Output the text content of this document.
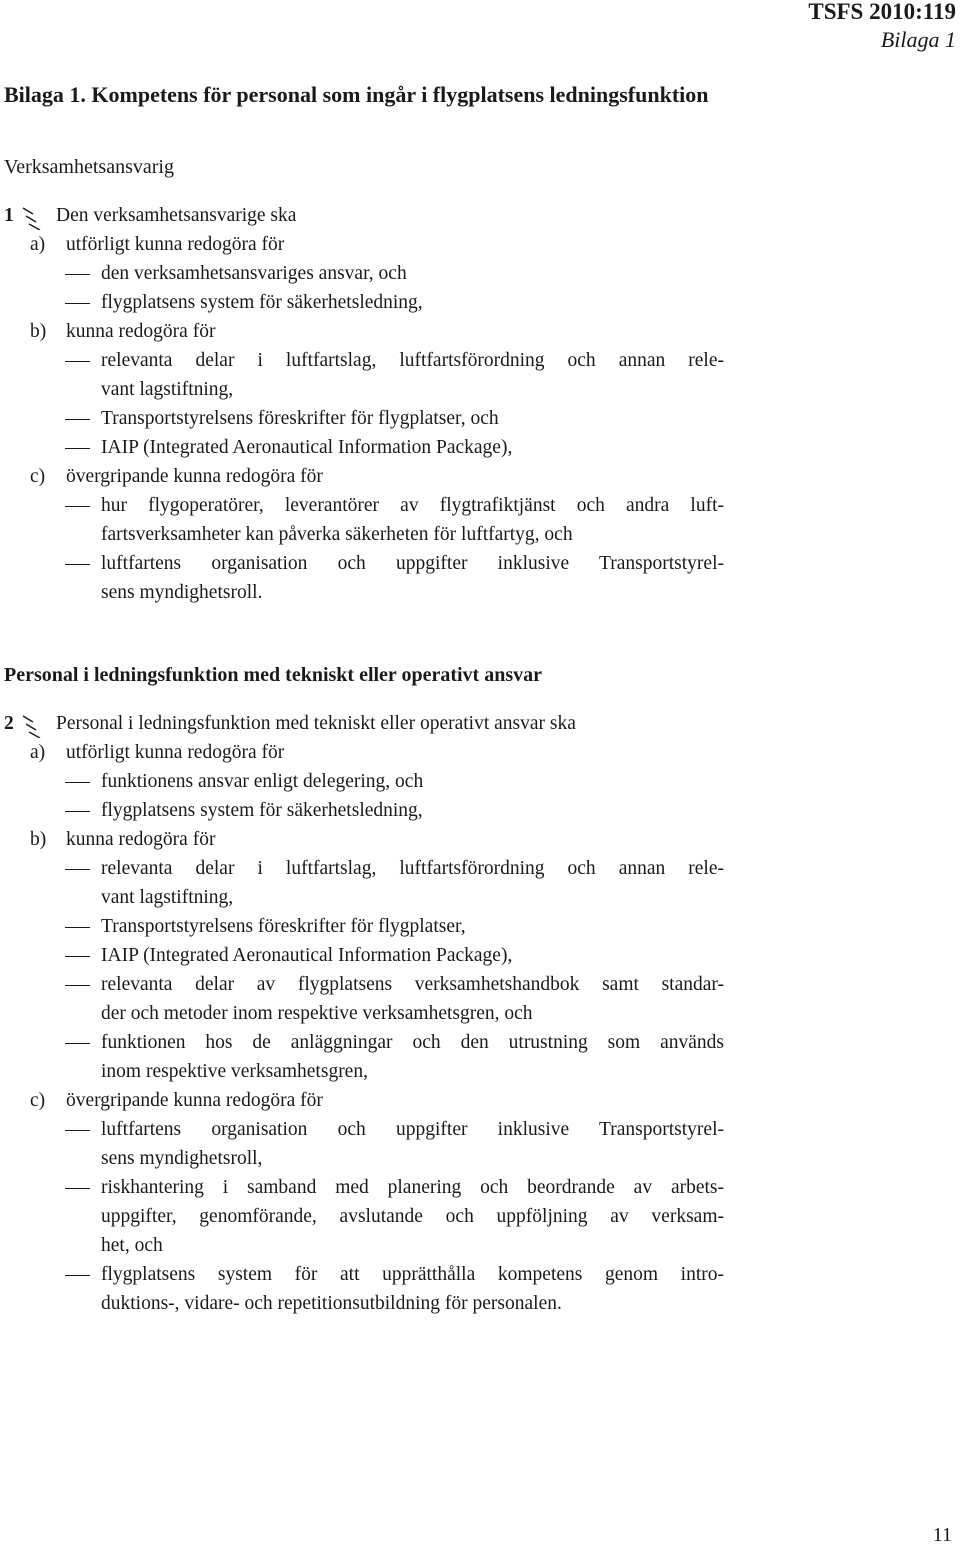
TSFS 2010:119
Bilaga 1
Bilaga 1. Kompetens för personal som ingår i flygplatsens ledningsfunktion
Verksamhetsansvarig
1 Den verksamhetsansvarige ska
a) utförligt kunna redogöra för
den verksamhetsansvariges ansvar, och
flygplatsens system för säkerhetsledning,
b) kunna redogöra för
relevanta delar i luftfartslag, luftfartsförordning och annan rele-
vant lagstiftning,
Transportstyrelsens föreskrifter för flygplatser, och
IAIP (Integrated Aeronautical Information Package),
c) övergripande kunna redogöra för
hur flygoperatörer, leverantörer av flygtrafiktjänst och andra luft-
fartsverksamheter kan påverka säkerheten för luftfartyg, och
luftfartens organisation och uppgifter inklusive Transportstyrel-
sens myndighetsroll.
Personal i ledningsfunktion med tekniskt eller operativt ansvar
2 Personal i ledningsfunktion med tekniskt eller operativt ansvar ska
a) utförligt kunna redogöra för
funktionens ansvar enligt delegering, och
flygplatsens system för säkerhetsledning,
b) kunna redogöra för
relevanta delar i luftfartslag, luftfartsförordning och annan rele-
vant lagstiftning,
Transportstyrelsens föreskrifter för flygplatser,
IAIP (Integrated Aeronautical Information Package),
relevanta delar av flygplatsens verksamhetshandbok samt standar-
der och metoder inom respektive verksamhetsgren, och
funktionen hos de anläggningar och den utrustning som används
inom respektive verksamhetsgren,
c) övergripande kunna redogöra för
luftfartens organisation och uppgifter inklusive Transportstyrel-
sens myndighetsroll,
riskhantering i samband med planering och beordrande av arbets-
uppgifter, genomförande, avslutande och uppföljning av verksam-
het, och
flygplatsens system för att upprätthålla kompetens genom intro-
duktions-, vidare- och repetitionsutbildning för personalen.
11
